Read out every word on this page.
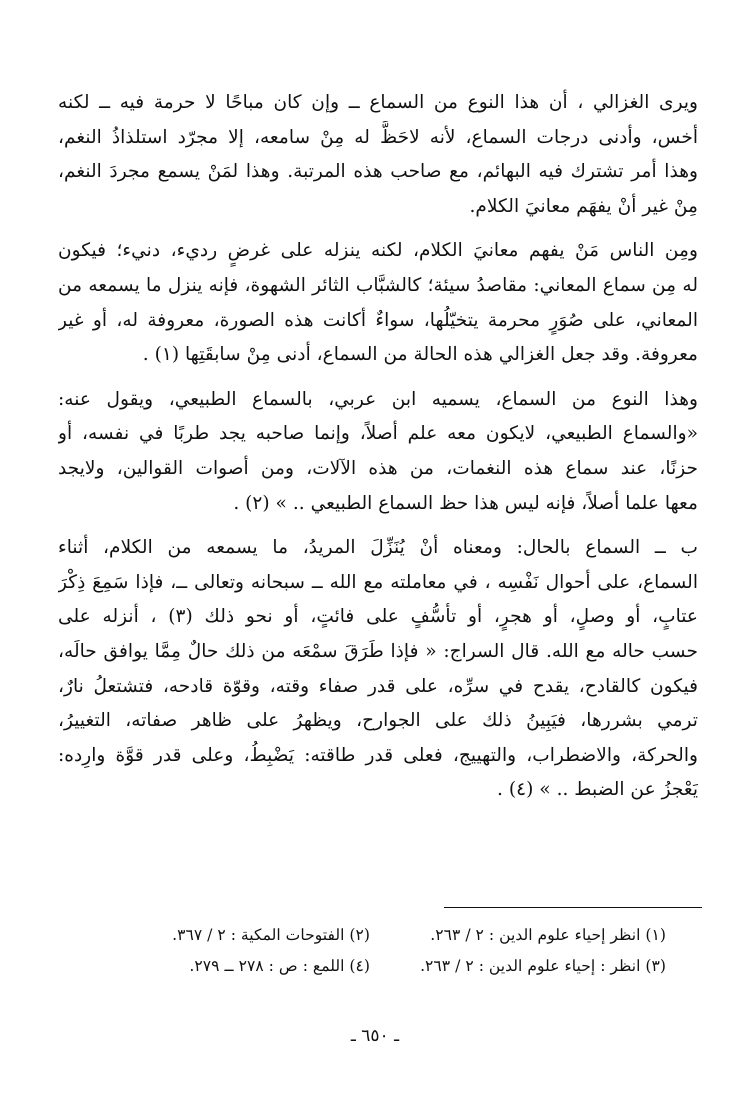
ويرى الغزالي ، أن هذا النوع من السماع ــ وإن كان مباحًا لا حرمة فيه ــ لكنه
أخس، وأدنى درجات السماع، لأنه لاحَظَّ له مِنْ سامعه، إلا مجرّد استلذاذُ النغم،
وهذا أمر تشترك فيه البهائم، مع صاحب هذه المرتبة. وهذا لمَنْ يسمع مجردَ النغم،
مِنْ غير أنْ يفهَم معانيَ الكلام.

ومِن الناس مَنْ يفهم معانيَ الكلام، لكنه ينزله على غرضٍ رديء، دنيء؛ فيكون
له مِن سماع المعاني: مقاصدُ سيئة؛ كالشبَّاب الثائر الشهوة، فإنه ينزل ما يسمعه من
المعاني، على صُوَرٍ محرمة يتخيّلُها، سواءٌ أكانت هذه الصورة، معروفة له، أو غير
معروفة. وقد جعل الغزالي هذه الحالة من السماع، أدنى مِنْ سابقَتِها (١) .

وهذا النوع من السماع، يسميه ابن عربي، بالسماع الطبيعي، ويقول عنه:
«والسماع الطبيعي، لايكون معه علم أصلاً، وإنما صاحبه يجد طربًا في نفسه، أو
حزنًا، عند سماع هذه النغمات، من هذه الآلات، ومن أصوات القوالين، ولايجد
معها علما أصلاً، فإنه ليس هذا حظ السماع الطبيعي .. » (٢) .

ب ــ السماع بالحال: ومعناه أنْ يُنَزِّلَ المريدُ، ما يسمعه من الكلام، أثناء
السماع، على أحوال نَفْسِه ، في معاملته مع الله ــ سبحانه وتعالى ــ، فإذا سَمِعَ ذِكْرَ
عتابٍ، أو وصلٍ، أو هجرٍ، أو تأسُّفٍ على فائتٍ، أو نحو ذلك (٣) ، أنزله على
حسب حاله مع الله. قال السراج: « فإذا طَرَقَ سمْعَه من ذلك حالٌ مِمَّا يوافق حالَه،
فيكون كالقادح، يقدح في سرِّه، على قدر صفاء وقته، وقوّة قادحه، فتشتعلُ نارٌ،
ترمي بشررها، فيَبِينُ ذلك على الجوارح، ويظهرُ على ظاهر صفاته، التغييرُ،
والحركة، والاضطراب، والتهييج، فعلى قدر طاقته: يَضْبِطُ، وعلى قدر قوَّة وارِده:
يَعْجزُ عن الضبط .. » (٤) .

(١) انظر إحياء علوم الدين : ٢ / ٢٦٣.
(٢) الفتوحات المكية : ٢ / ٣٦٧.
(٣) انظر : إحياء علوم الدين : ٢ / ٢٦٣.
(٤) اللمع : ص : ٢٧٨ ــ ٢٧٩.
ـ ٦٥٠ ـ
